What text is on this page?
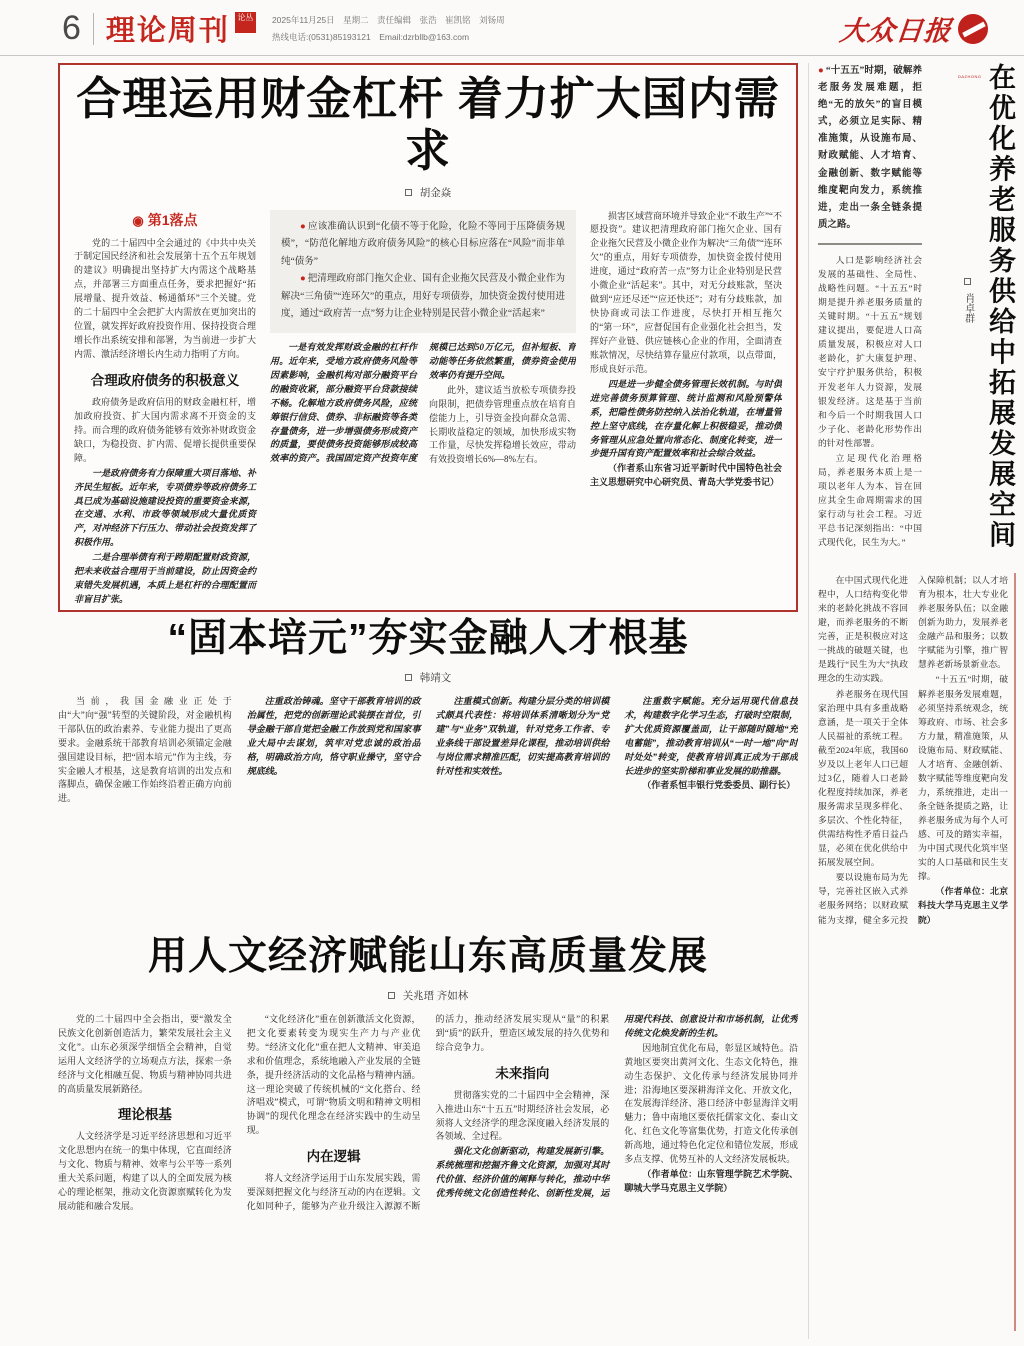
6 理论周刊 论丛 2025年11月25日　星期二　责任编辑　张浩　崔凯铭　刘钖周
热线电话:(0531)85193121　Email:dzrbllb@163.com	大众日报
DAZHONG
合理运用财金杠杆 着力扩大国内需求
胡金焱
◉ 第1落点

党的二十届四中全会通过的《中共中央关于制定国民经济和社会发展第十五个五年规划的建议》明确提出坚持扩大内需这个战略基点，并部署三方面重点任务，要求把握好“拓展增量、提升效益、畅通循环”三个关键。党的二十届四中全会把扩大内需放在更加突出的位置，就发挥好政府投资作用、保持投资合理增长作出系统安排和部署，为当前进一步扩大内需、激活经济增长内生动力指明了方向。

合理政府债务的积极意义

政府债务是政府信用的财政金融杠杆，增加政府投资、扩大国内需求离不开资金的支持。而合理的政府债务能够有效弥补财政资金缺口，为稳投资、扩内需、促增长提供重要保障。

一是政府债务有力保障重大项目落地、补齐民生短板。近年来，专项债券等政府债务工具已成为基础设施建设投资的重要资金来源，在交通、水利、市政等领域形成大量优质资产，对冲经济下行压力、带动社会投资发挥了积极作用。

二是合理举债有利于跨期配置财政资源，把未来收益合理用于当前建设，防止因资金约束错失发展机遇，本质上是杠杆的合理配置而非盲目扩张。

● 应该准确认识到“化债不等于化险，化险不等同于压降债务规模”，“防范化解地方政府债务风险”的核心目标应落在“风险”而非单纯“债务”

● 把清理政府部门拖欠企业、国有企业拖欠民营及小微企业作为解决“三角债”“连环欠”的重点，用好专项债券，加快资金拨付使用进度，通过“政府苦一点”努力让企业特别是民营小微企业“活起来”

一是有效发挥财政金融的杠杆作用。近年来，受地方政府债务风险等因素影响，金融机构对部分融资平台的融资收紧，部分融资平台贷款接续不畅。化解地方政府债务风险，应统筹银行信贷、债券、非标融资等各类存量债务，进一步增强债务形成资产的质量，要使债务投资能够形成较高效率的资产。我国固定资产投资年度规模已达到50万亿元，但补短板、育动能等任务依然繁重，债券资金使用效率仍有提升空间。

此外，建议适当放松专项债券投向限制，把债券管理重点放在培育自偿能力上，引导资金投向群众急需、长期收益稳定的领域，加快形成实物工作量，尽快发挥稳增长效应，带动有效投资增长6%—8%左右。

损害区域营商环境并导致企业“不敢生产”“不愿投资”。建议把清理政府部门拖欠企业、国有企业拖欠民营及小微企业作为解决“三角债”“连环欠”的重点，用好专项债券，加快资金拨付使用进度，通过“政府苦一点”努力让企业特别是民营小微企业“活起来”。其中，对无分歧账款，坚决做到“应还尽还”“应还快还”；对有分歧账款，加快协商或司法工作进度，尽快打开相互拖欠的“第一环”，应督促国有企业强化社会担当，发挥好产业链、供应链核心企业的作用，全面清查账款情况，尽快结算存量应付款项，以点带面，形成良好示范。

四是进一步健全债务管理长效机制。与时俱进完善债务预算管理、统计监测和风险预警体系，把隐性债务防控纳入法治化轨道，在增量管控上坚守底线，在存量化解上积极稳妥，推动债务管理从应急处置向常态化、制度化转变，进一步提升国有资产配置效率和社会综合效益。

（作者系山东省习近平新时代中国特色社会主义思想研究中心研究员、青岛大学党委书记）

“固本培元”夯实金融人才根基
韩靖文

当前，我国金融业正处于由“大”向“强”转型的关键阶段，对金融机构干部队伍的政治素养、专业能力提出了更高要求。金融系统干部教育培训必须锚定金融强国建设目标，把“固本培元”作为主线，夯实金融人才根基，这是教育培训的出发点和落脚点，确保金融工作始终沿着正确方向前进。

注重政治铸魂。坚守干部教育培训的政治属性，把党的创新理论武装摆在首位，引导金融干部自觉把金融工作放到党和国家事业大局中去谋划，筑牢对党忠诚的政治品格，明确政治方向，恪守职业操守，坚守合规底线。

注重模式创新。构建分层分类的培训模式颇具代表性：将培训体系清晰划分为“党建”与“业务”双轨道，针对党务工作者、专业条线干部设置差异化课程，推动培训供给与岗位需求精准匹配，切实提高教育培训的针对性和实效性。

注重数字赋能。充分运用现代信息技术，构建数字化学习生态，打破时空限制，扩大优质资源覆盖面，让干部随时随地“充电蓄能”，推动教育培训从“一时一地”向“时时处处”转变，使教育培训真正成为干部成长进步的坚实阶梯和事业发展的助推器。

（作者系恒丰银行党委委员、副行长）

用人文经济赋能山东高质量发展
关兆瑨 齐如林

党的二十届四中全会指出，要“激发全民族文化创新创造活力，繁荣发展社会主义文化”。山东必须深学细悟全会精神，自觉运用人文经济学的立场观点方法，探索一条经济与文化相融互促、物质与精神协同共进的高质量发展新路径。

理论根基

人文经济学是习近平经济思想和习近平文化思想内在统一的集中体现，它直面经济与文化、物质与精神、效率与公平等一系列重大关系问题，构建了以人的全面发展为核心的理论框架，推动文化资源禀赋转化为发展动能和融合发展。

“文化经济化”重在创新激活文化资源，把文化要素转变为现实生产力与产业优势。“经济文化化”重在把人文精神、审美追求和价值理念，系统地融入产业发展的全链条，提升经济活动的文化品格与精神内涵。这一理论突破了传统机械的“文化搭台、经济唱戏”模式，可谓“物质文明和精神文明相协调”的现代化理念在经济实践中的生动呈现。

内在逻辑

将人文经济学运用于山东发展实践，需要深刻把握文化与经济互动的内在逻辑。文化如同种子，能够为产业升级注入源源不断的活力，推动经济发展实现从“量”的积累到“质”的跃升，塑造区域发展的持久优势和综合竞争力。

未来指向

贯彻落实党的二十届四中全会精神，深入推进山东“十五五”时期经济社会发展，必须将人文经济学的理念深度融入经济发展的各领域、全过程。

强化文化创新驱动，构建发展新引擎。系统梳理和挖掘齐鲁文化资源，加强对其时代价值、经济价值的阐释与转化，推动中华优秀传统文化创造性转化、创新性发展，运用现代科技、创意设计和市场机制，让优秀传统文化焕发新的生机。

因地制宜优化布局，彰显区域特色。沿黄地区要突出黄河文化、生态文化特色，推动生态保护、文化传承与经济发展协同并进；沿海地区要深耕海洋文化、开放文化，在发展海洋经济、港口经济中彰显海洋文明魅力；鲁中南地区要依托儒家文化、泰山文化、红色文化等富集优势，打造文化传承创新高地，通过特色化定位和错位发展，形成多点支撑、优势互补的人文经济发展板块。

（作者单位：山东管理学院艺术学院、聊城大学马克思主义学院）

● “十五五”时期，破解养老服务发展难题，拒绝“无的放矢”的盲目模式，必须立足实际、精准施策，从设施布局、财政赋能、人才培育、金融创新、数字赋能等维度靶向发力，系统推进，走出一条全链条提质之路。

人口是影响经济社会发展的基础性、全局性、战略性问题。“十五五”时期是提升养老服务质量的关键时期。“十五五”规划建议提出，要促进人口高质量发展，积极应对人口老龄化，扩大康复护理、安宁疗护服务供给，积极开发老年人力资源，发展银发经济。这是基于当前和今后一个时期我国人口少子化、老龄化形势作出的针对性部署。

立足现代化治理格局，养老服务本质上是一项以老年人为本、旨在回应其全生命周期需求的国家行动与社会工程。习近平总书记深刻指出：“中国式现代化，民生为大。”

肖卓群 在优化养老服务供给中拓展发展空间

在中国式现代化进程中，人口结构变化带来的老龄化挑战不容回避，而养老服务的不断完善，正是积极应对这一挑战的破题关键，也是践行“民生为大”执政理念的生动实践。

养老服务在现代国家治理中具有多重战略意涵，是一项关于全体人民福祉的系统工程。截至2024年底，我国60岁及以上老年人口已超过3亿，随着人口老龄化程度持续加深，养老服务需求呈现多样化、多层次、个性化特征，供需结构性矛盾日益凸显，必须在优化供给中拓展发展空间。

要以设施布局为先导，完善社区嵌入式养老服务网络；以财政赋能为支撑，健全多元投入保障机制；以人才培育为根本，壮大专业化养老服务队伍；以金融创新为助力，发展养老金融产品和服务；以数字赋能为引擎，推广智慧养老新场景新业态。

“十五五”时期，破解养老服务发展难题，必须坚持系统观念，统筹政府、市场、社会多方力量，精准施策，从设施布局、财政赋能、人才培育、金融创新、数字赋能等维度靶向发力，系统推进，走出一条全链条提质之路，让养老服务成为每个人可感、可及的踏实幸福，为中国式现代化筑牢坚实的人口基础和民生支撑。

（作者单位：北京科技大学马克思主义学院）
